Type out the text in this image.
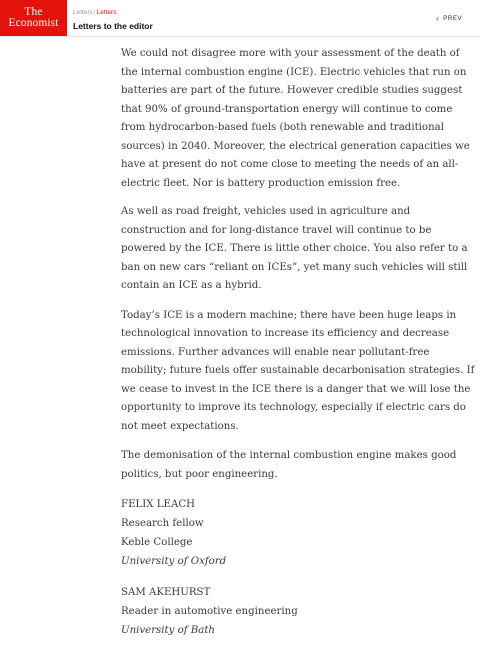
The
Economist
Letters|Letters
Letters to the editor
‹ PREV

We could not disagree more with your assessment of the death of the internal combustion engine (ICE). Electric vehicles that run on batteries are part of the future. However credible studies suggest that 90% of ground-transportation energy will continue to come from hydrocarbon-based fuels (both renewable and traditional sources) in 2040. Moreover, the electrical generation capacities we have at present do not come close to meeting the needs of an all-electric fleet. Nor is battery production emission free.

As well as road freight, vehicles used in agriculture and construction and for long-distance travel will continue to be powered by the ICE. There is little other choice. You also refer to a ban on new cars “reliant on ICEs”, yet many such vehicles will still contain an ICE as a hybrid.

Today’s ICE is a modern machine; there have been huge leaps in technological innovation to increase its efficiency and decrease emissions. Further advances will enable near pollutant-free mobility; future fuels offer sustainable decarbonisation strategies. If we cease to invest in the ICE there is a danger that we will lose the opportunity to improve its technology, especially if electric cars do not meet expectations.

The demonisation of the internal combustion engine makes good politics, but poor engineering.

FELIX LEACH
Research fellow
Keble College
University of Oxford
SAM AKEHURST
Reader in automotive engineering
University of Bath
